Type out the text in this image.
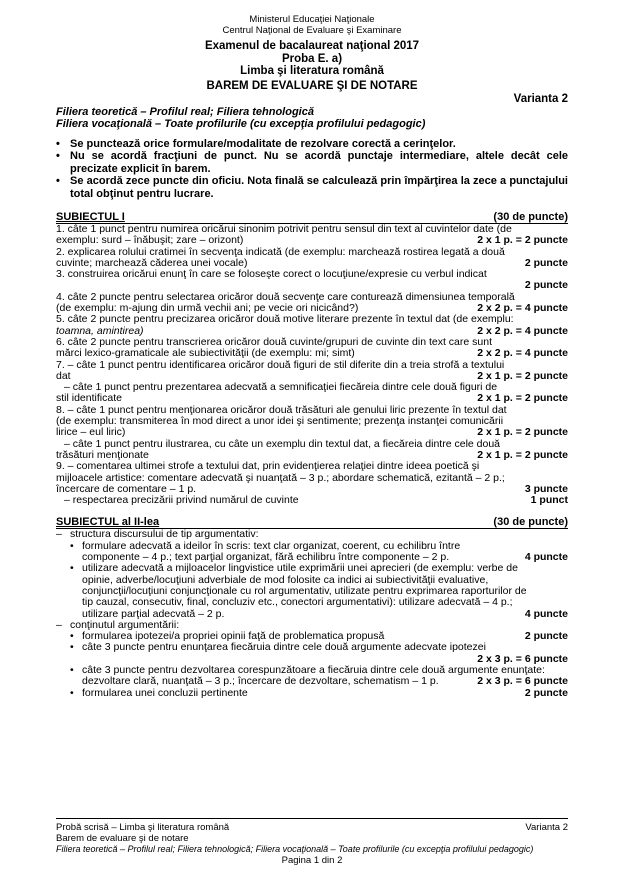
Ministerul Educaţiei Naţionale
Centrul Naţional de Evaluare şi Examinare
Examenul de bacalaureat naţional 2017
Proba E. a)
Limba şi literatura română
BAREM DE EVALUARE ŞI DE NOTARE
Varianta 2
Filiera teoretică – Profilul real; Filiera tehnologică
Filiera vocaţională – Toate profilurile (cu excepţia profilului pedagogic)
• Se punctează orice formulare/modalitate de rezolvare corectă a cerinţelor.
• Nu se acordă fracţiuni de punct. Nu se acordă punctaje intermediare, altele decât cele precizate explicit în barem.
• Se acordă zece puncte din oficiu. Nota finală se calculează prin împărţirea la zece a punctajului total obţinut pentru lucrare.
SUBIECTUL I	(30 de puncte)

1. câte 1 punct pentru numirea oricărui sinonim potrivit pentru sensul din text al cuvintelor date (de

exemplu: surd – înăbuşit; zare – orizont)	2 x 1 p. = 2 puncte

2. explicarea rolului cratimei în secvenţa indicată (de exemplu: marchează rostirea legată a două

cuvinte; marchează căderea unei vocale)	2 puncte

3. construirea oricărui enunţ în care se foloseşte corect o locuţiune/expresie cu verbul indicat

2 puncte

4. câte 2 puncte pentru selectarea oricăror două secvenţe care conturează dimensiunea temporală

(de exemplu: m-ajung din urmă vechii ani; pe vecie ori nicicând?)	2 x 2 p. = 4 puncte

5. câte 2 puncte pentru precizarea oricăror două motive literare prezente în textul dat (de exemplu:

toamna, amintirea)	2 x 2 p. = 4 puncte

6. câte 2 puncte pentru transcrierea oricăror două cuvinte/grupuri de cuvinte din text care sunt

mărci lexico-gramaticale ale subiectivităţii (de exemplu: mi; simt)	2 x 2 p. = 4 puncte

7. – câte 1 punct pentru identificarea oricăror două figuri de stil diferite din a treia strofă a textului

dat	2 x 1 p. = 2 puncte

– câte 1 punct pentru prezentarea adecvată a semnificaţiei fiecăreia dintre cele două figuri de

stil identificate	2 x 1 p. = 2 puncte

8. – câte 1 punct pentru menţionarea oricăror două trăsături ale genului liric prezente în textul dat

(de exemplu: transmiterea în mod direct a unor idei şi sentimente; prezenţa instanţei comunicării

lirice – eul liric)	2 x 1 p. = 2 puncte

– câte 1 punct pentru ilustrarea, cu câte un exemplu din textul dat, a fiecăreia dintre cele două

trăsături menţionate	2 x 1 p. = 2 puncte

9. – comentarea ultimei strofe a textului dat, prin evidenţierea relaţiei dintre ideea poetică şi

mijloacele artistice: comentare adecvată şi nuanţată – 3 p.; abordare schematică, ezitantă – 2 p.;

încercare de comentare – 1 p.	3 puncte
– respectarea precizării privind numărul de cuvinte	1 punct
SUBIECTUL al II-lea	(30 de puncte)
– structura discursului de tip argumentativ:
• formulare adecvată a ideilor în scris: text clar organizat, coerent, cu echilibru între

componente – 4 p.; text parţial organizat, fără echilibru între componente – 2 p.	4 puncte
• utilizare adecvată a mijloacelor lingvistice utile exprimării unei aprecieri (de exemplu: verbe de

opinie, adverbe/locuţiuni adverbiale de mod folosite ca indici ai subiectivităţii evaluative,

conjuncţii/locuţiuni conjuncţionale cu rol argumentativ, utilizate pentru exprimarea raporturilor de

tip cauzal, consecutiv, final, concluziv etc., conectori argumentativi): utilizare adecvată – 4 p.;

utilizare parţial adecvată – 2 p.	4 puncte
– conţinutul argumentării:
• formularea ipotezei/a propriei opinii faţă de problematica propusă	2 puncte
• câte 3 puncte pentru enunţarea fiecăruia dintre cele două argumente adecvate ipotezei

2 x 3 p. = 6 puncte
• câte 3 puncte pentru dezvoltarea corespunzătoare a fiecăruia dintre cele două argumente enunţate:

dezvoltare clară, nuanţată – 3 p.; încercare de dezvoltare, schematism – 1 p.	2 x 3 p. = 6 puncte
• formularea unei concluzii pertinente	2 puncte
Probă scrisă – Limba şi literatura română	Varianta 2
Barem de evaluare şi de notare
Filiera teoretică – Profilul real; Filiera tehnologică; Filiera vocaţională – Toate profilurile (cu excepţia profilului pedagogic)
Pagina 1 din 2
